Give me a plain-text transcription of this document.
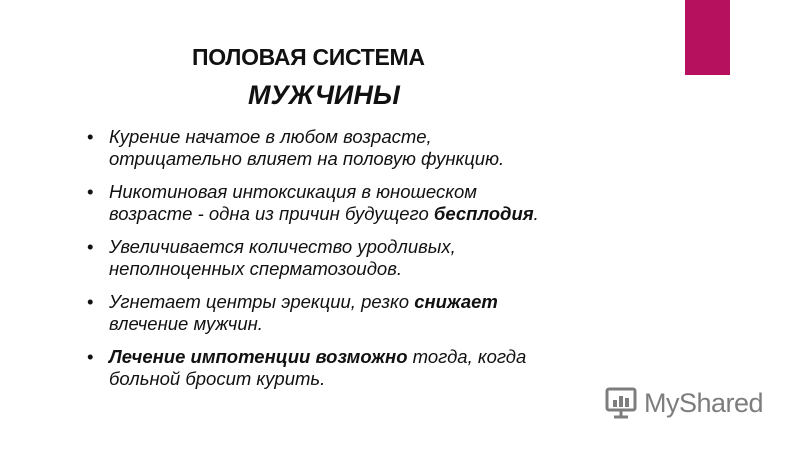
ПОЛОВАЯ СИСТЕМА
МУЖЧИНЫ
• Курение начатое в любом возрасте,
отрицательно влияет на половую функцию.
• Никотиновая интоксикация в юношеском
возрасте - одна из причин будущего бесплодия.
• Увеличивается количество уродливых,
неполноценных сперматозоидов.
• Угнетает центры эрекции, резко снижает
влечение мужчин.
• Лечение импотенции возможно тогда, когда
больной бросит курить.
MyShared
